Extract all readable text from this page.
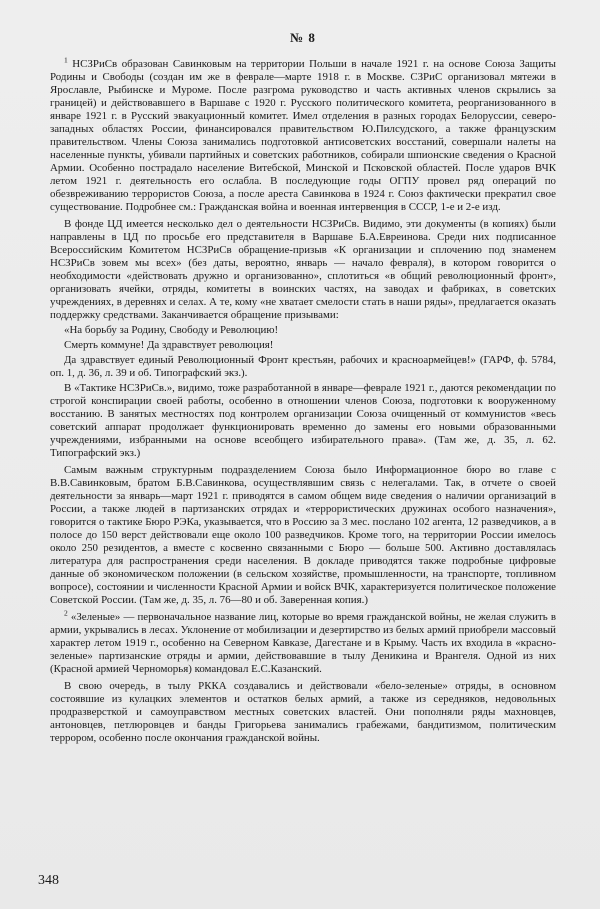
№ 8

$^1$ НСЗРиСв образован Савинковым на территории Польши в начале 1921 г. на основе Союза Защиты Родины и Свободы (создан им же в феврале—марте 1918 г. в Москве. СЗРиС организовал мятежи в Ярославле, Рыбинске и Муроме. После разгрома руководство и часть активных членов скрылись за границей) и действовавшего в Варшаве с 1920 г. Русского политического комитета, реорганизованного в январе 1921 г. в Русский эвакуационный комитет. Имел отделения в разных городах Белоруссии, северо-западных областях России, финансировался правительством Ю.Пилсудского, а также французским правительством. Члены Союза занимались подготовкой антисоветских восстаний, совершали налеты на населенные пункты, убивали партийных и советских работников, собирали шпионские сведения о Красной Армии. Особенно пострадало население Витебской, Минской и Псковской областей. После ударов ВЧК летом 1921 г. деятельность его ослабла. В последующие годы ОГПУ провел ряд операций по обезвреживанию террористов Союза, а после ареста Савинкова в 1924 г. Союз фактически прекратил свое существование. Подробнее см.: Гражданская война и военная интервенция в СССР, 1-е и 2-е изд.

В фонде ЦД имеется несколько дел о деятельности НСЗРиСв. Видимо, эти документы (в копиях) были направлены в ЦД по просьбе его представителя в Варшаве Б.А.Евреинова. Среди них подписанное Всероссийским Комитетом НСЗРиСв обращение-призыв «К организации и сплочению под знаменем НСЗРиСв зовем мы всех» (без даты, вероятно, январь — начало февраля), в котором говорится о необходимости «действовать дружно и организованно», сплотиться «в общий революционный фронт», организовать ячейки, отряды, комитеты в воинских частях, на заводах и фабриках, в советских учреждениях, в деревнях и селах. А те, кому «не хватает смелости стать в наши ряды», предлагается оказать поддержку средствами. Заканчивается обращение призывами:

«На борьбу за Родину, Свободу и Революцию!

Смерть коммуне! Да здравствует революция!

Да здравствует единый Революционный Фронт крестьян, рабочих и красноармейцев!» (ГАРФ, ф. 5784, оп. 1, д. 36, л. 39 и об. Типографский экз.).

В «Тактике НСЗРиСв.», видимо, тоже разработанной в январе—феврале 1921 г., даются рекомендации по строгой конспирации своей работы, особенно в отношении членов Союза, подготовки к вооруженному восстанию. В занятых местностях под контролем организации Союза очищенный от коммунистов «весь советский аппарат продолжает функционировать временно до замены его новыми образованными учреждениями, избранными на основе всеобщего избирательного права». (Там же, д. 35, л. 62. Типографский экз.)

Самым важным структурным подразделением Союза было Информационное бюро во главе с В.В.Савинковым, братом Б.В.Савинкова, осуществлявшим связь с нелегалами. Так, в отчете о своей деятельности за январь—март 1921 г. приводятся в самом общем виде сведения о наличии организаций в России, а также людей в партизанских отрядах и «террористических дружинах особого назначения», говорится о тактике Бюро РЭКа, указывается, что в Россию за 3 мес. послано 102 агента, 12 разведчиков, а в полосе до 150 верст действовали еще около 100 разведчиков. Кроме того, на территории России имелось около 250 резидентов, а вместе с косвенно связанными с Бюро — больше 500. Активно доставлялась литература для распространения среди населения. В докладе приводятся также подробные цифровые данные об экономическом положении (в сельском хозяйстве, промышленности, на транспорте, топливном вопросе), состоянии и численности Красной Армии и войск ВЧК, характеризуется политическое положение Советской России. (Там же, д. 35, л. 76—80 и об. Заверенная копия.)

$^2$ «Зеленые» — первоначальное название лиц, которые во время гражданской войны, не желая служить в армии, укрывались в лесах. Уклонение от мобилизации и дезертирство из белых армий приобрели массовый характер летом 1919 г., особенно на Северном Кавказе, Дагестане и в Крыму. Часть их входила в «красно-зеленые» партизанские отряды и армии, действовавшие в тылу Деникина и Врангеля. Одной из них (Красной армией Черноморья) командовал Е.С.Казанский.

В свою очередь, в тылу РККА создавались и действовали «бело-зеленые» отряды, в основном состоявшие из кулацких элементов и остатков белых армий, а также из середняков, недовольных продразверсткой и самоуправством местных советских властей. Они пополняли ряды махновцев, антоновцев, петлюровцев и банды Григорьева занимались грабежами, бандитизмом, политическим террором, особенно после окончания гражданской войны.

348
